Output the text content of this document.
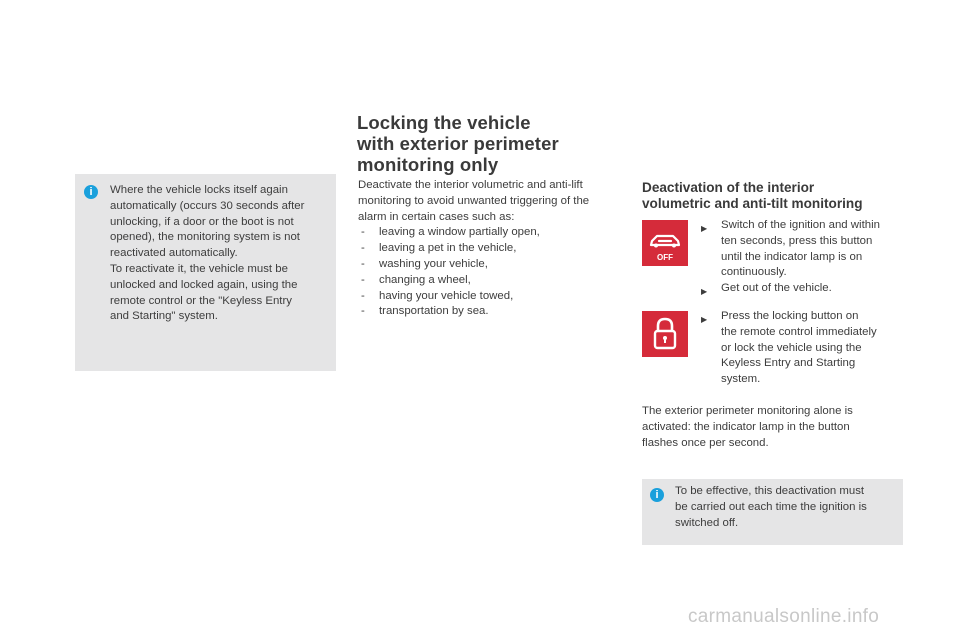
i	Where the vehicle locks itself again

automatically (occurs 30 seconds after

unlocking, if a door or the boot is not

opened), the monitoring system is not

reactivated automatically.

To reactivate it, the vehicle must be

unlocked and locked again, using the

remote control or the "Keyless Entry

and Starting" system.

Locking the vehicle
with exterior perimeter
monitoring only

Deactivate the interior volumetric and anti-lift

monitoring to avoid unwanted triggering of the

alarm in certain cases such as:

- leaving a window partially open,
- leaving a pet in the vehicle,
- washing your vehicle,
- changing a wheel,
- having your vehicle towed,
- transportation by sea.
Deactivation of the interior
volumetric and anti-tilt monitoring
OFF
▶ Switch of the ignition and within
ten seconds, press this button
until the indicator lamp is on
continuously.
▶ Get out of the vehicle.
▶ Press the locking button on
the remote control immediately
or lock the vehicle using the
Keyless Entry and Starting
system.

The exterior perimeter monitoring alone is

activated: the indicator lamp in the button

flashes once per second.

i	To be effective, this deactivation must

be carried out each time the ignition is

switched off.

carmanualsonline.info
